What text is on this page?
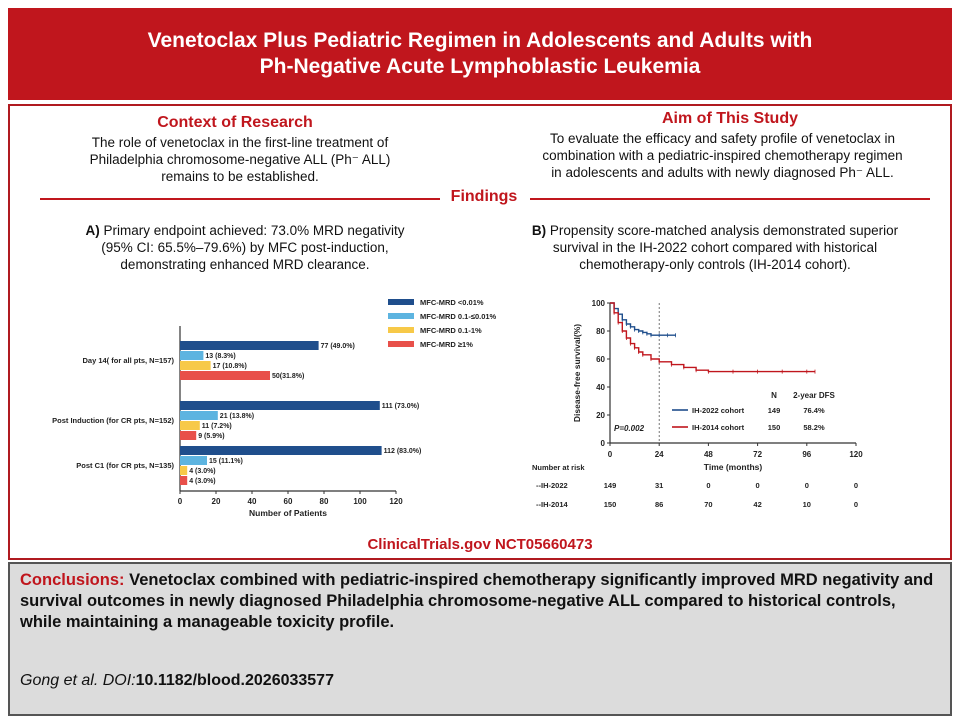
Venetoclax Plus Pediatric Regimen in Adolescents and Adults with
Ph-Negative Acute Lymphoblastic Leukemia
Context of Research
The role of venetoclax in the first-line treatment of
Philadelphia chromosome-negative ALL (Ph⁻ ALL)
remains to be established.
Aim of This Study
To evaluate the efficacy and safety profile of venetoclax in
combination with a pediatric-inspired chemotherapy regimen
in adolescents and adults with newly diagnosed Ph⁻ ALL.
Findings
A) Primary endpoint achieved: 73.0% MRD negativity
(95% CI: 65.5%–79.6%) by MFC post-induction,
demonstrating enhanced MRD clearance.
B) Propensity score-matched analysis demonstrated superior
survival in the IH-2022 cohort compared with historical
chemotherapy-only controls (IH-2014 cohort).
MFC-MRD <0.01%
MFC-MRD 0.1-≤0.01%
MFC-MRD 0.1-1%
MFC-MRD ≥1%
Day 14( for all pts, N=157)
77 (49.0%)
13 (8.3%)
17 (10.8%)
50(31.8%)
Post Induction (for CR pts, N=152)
111 (73.0%)
21 (13.8%)
11 (7.2%)
9 (5.9%)
Post C1 (for CR pts, N=135)
112 (83.0%)
15 (11.1%)
4 (3.0%)
4 (3.0%)
0	20	40	60	80	100	120
Number of Patients
0
20
40
60
80
100
0	24	48	72	96	120
Time (months)
Disease-free survival(%)	N 2-year DFS
IH-2022 cohort	149	76.4%
IH-2014 cohort	150	58.2%
P=0.002
Number at risk
--IH-2022	149	31	0	0	0	0
--IH-2014	150	86	70	42	10	0
ClinicalTrials.gov NCT05660473
Conclusions: Venetoclax combined with pediatric-inspired chemotherapy significantly improved MRD negativity and survival outcomes in newly diagnosed Philadelphia chromosome-negative ALL compared to historical controls, while maintaining a manageable toxicity profile.
Gong et al. DOI:10.1182/blood.2026033577
